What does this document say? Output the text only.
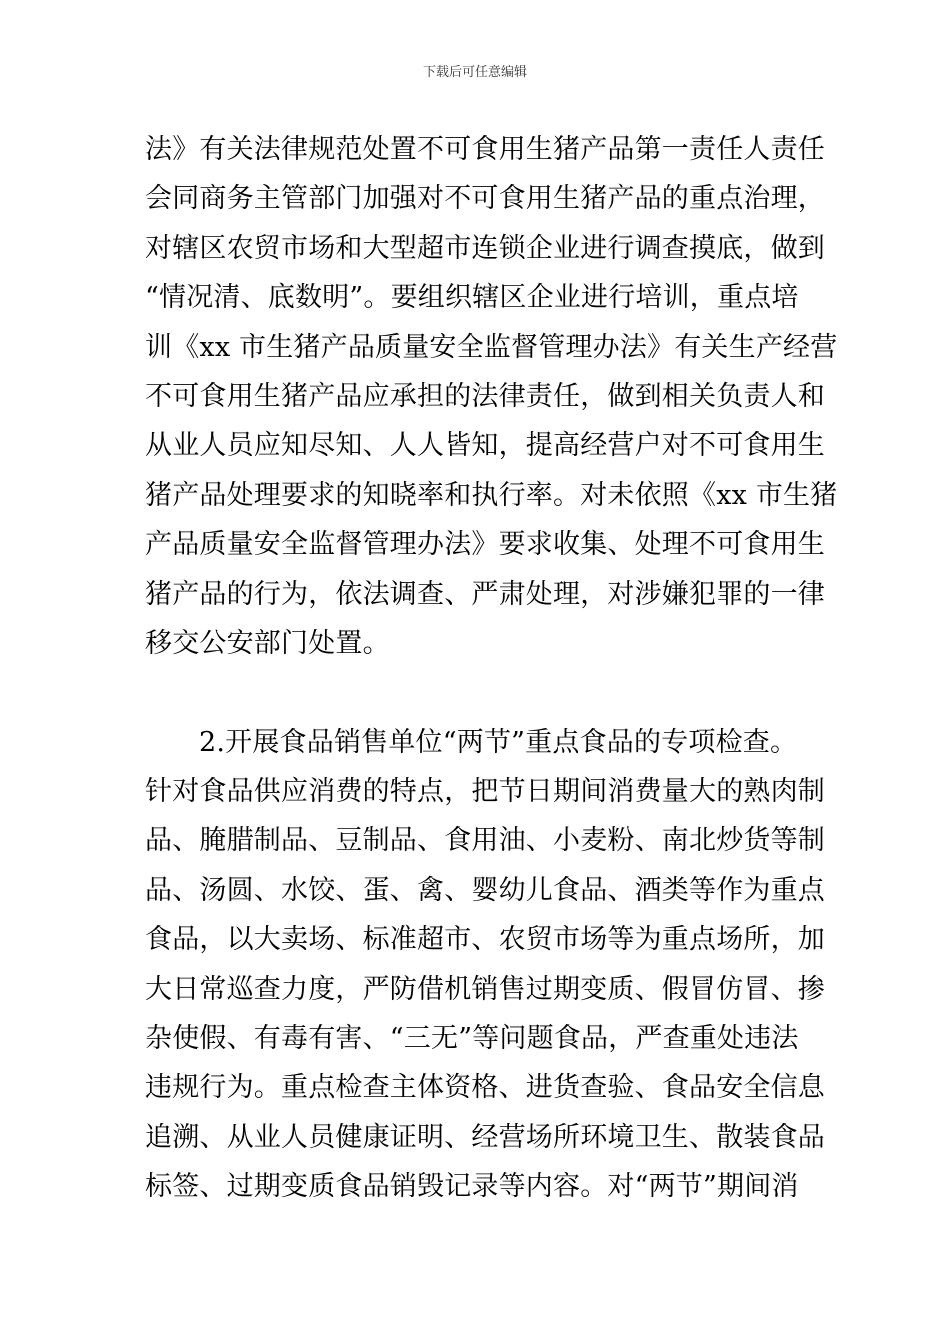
下载后可任意编辑
法》有关法律规范处置不可食用生猪产品第一责任人责任
会同商务主管部门加强对不可食用生猪产品的重点治理，
对辖区农贸市场和大型超市连锁企业进行调查摸底，做到
“情况清、底数明”。要组织辖区企业进行培训，重点培
训《xx 市生猪产品质量安全监督管理办法》有关生产经营
不可食用生猪产品应承担的法律责任，做到相关负责人和
从业人员应知尽知、人人皆知，提高经营户对不可食用生
猪产品处理要求的知晓率和执行率。对未依照《xx 市生猪
产品质量安全监督管理办法》要求收集、处理不可食用生
猪产品的行为，依法调查、严肃处理，对涉嫌犯罪的一律
移交公安部门处置。
2.开展食品销售单位“两节”重点食品的专项检查。
针对食品供应消费的特点，把节日期间消费量大的熟肉制
品、腌腊制品、豆制品、食用油、小麦粉、南北炒货等制
品、汤圆、水饺、蛋、禽、婴幼儿食品、酒类等作为重点
食品，以大卖场、标准超市、农贸市场等为重点场所，加
大日常巡查力度，严防借机销售过期变质、假冒仿冒、掺
杂使假、有毒有害、“三无”等问题食品，严查重处违法
违规行为。重点检查主体资格、进货查验、食品安全信息
追溯、从业人员健康证明、经营场所环境卫生、散装食品
标签、过期变质食品销毁记录等内容。对“两节”期间消
